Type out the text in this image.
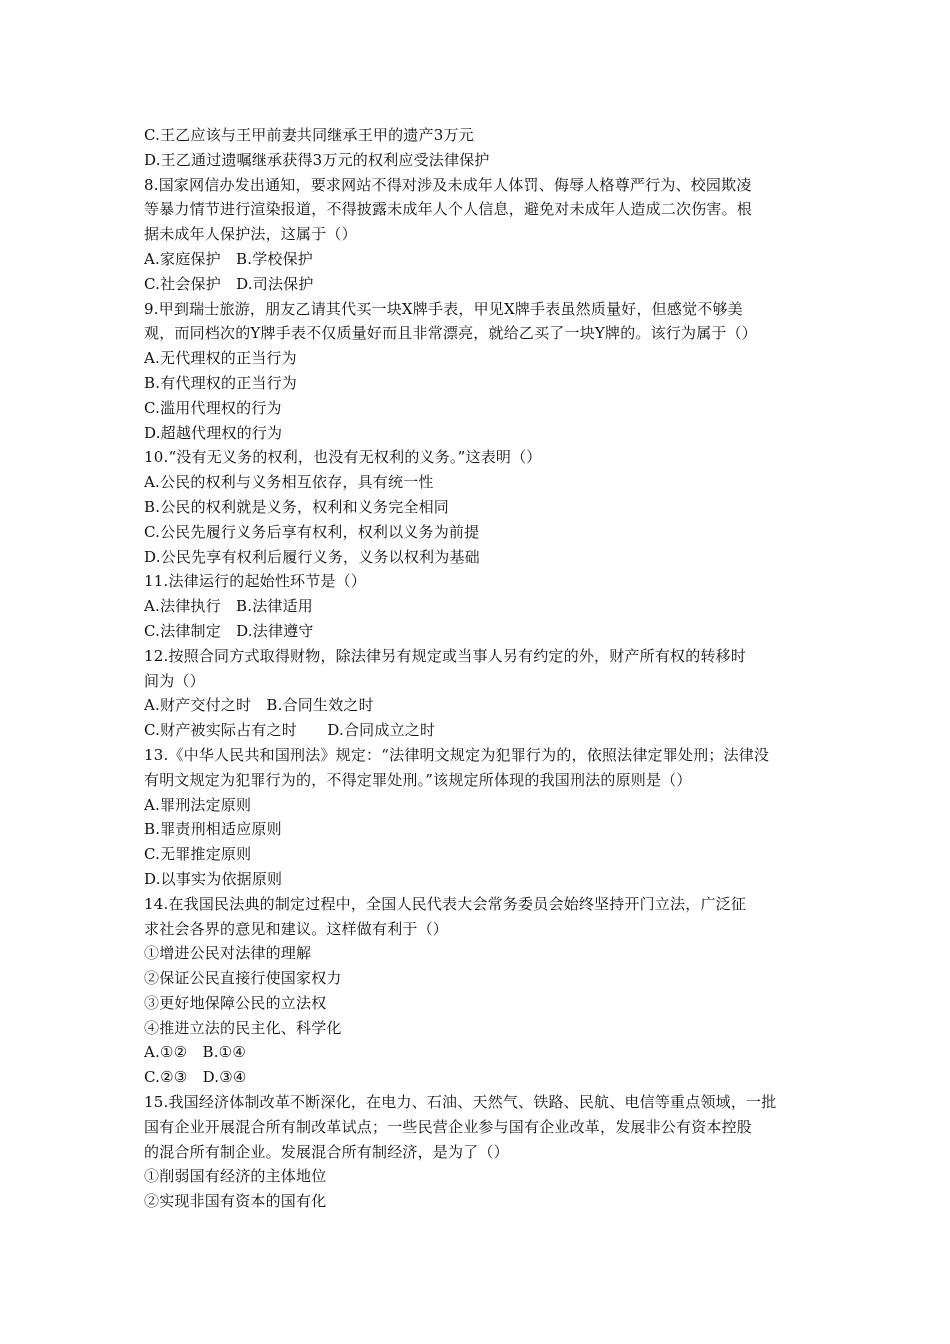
C.王乙应该与王甲前妻共同继承王甲的遗产3万元
D.王乙通过遗嘱继承获得3万元的权利应受法律保护
8.国家网信办发出通知，要求网站不得对涉及未成年人体罚、侮辱人格尊严行为、校园欺凌
等暴力情节进行渲染报道，不得披露未成年人个人信息，避免对未成年人造成二次伤害。根
据未成年人保护法，这属于（）
A.家庭保护　B.学校保护
C.社会保护　D.司法保护
9.甲到瑞士旅游，朋友乙请其代买一块X牌手表，甲见X牌手表虽然质量好，但感觉不够美
观，而同档次的Y牌手表不仅质量好而且非常漂亮，就给乙买了一块Y牌的。该行为属于（）
A.无代理权的正当行为
B.有代理权的正当行为
C.滥用代理权的行为
D.超越代理权的行为
10.“没有无义务的权利，也没有无权利的义务。”这表明（）
A.公民的权利与义务相互依存，具有统一性
B.公民的权利就是义务，权利和义务完全相同
C.公民先履行义务后享有权利，权利以义务为前提
D.公民先享有权利后履行义务，义务以权利为基础
11.法律运行的起始性环节是（）
A.法律执行　B.法律适用
C.法律制定　D.法律遵守
12.按照合同方式取得财物，除法律另有规定或当事人另有约定的外，财产所有权的转移时
间为（）
A.财产交付之时　B.合同生效之时
C.财产被实际占有之时　　D.合同成立之时
13.《中华人民共和国刑法》规定：“法律明文规定为犯罪行为的，依照法律定罪处刑；法律没
有明文规定为犯罪行为的，不得定罪处刑。”该规定所体现的我国刑法的原则是（）
A.罪刑法定原则
B.罪责刑相适应原则
C.无罪推定原则
D.以事实为依据原则
14.在我国民法典的制定过程中，全国人民代表大会常务委员会始终坚持开门立法，广泛征
求社会各界的意见和建议。这样做有利于（）
①增进公民对法律的理解
②保证公民直接行使国家权力
③更好地保障公民的立法权
④推进立法的民主化、科学化
A.①②　B.①④
C.②③　D.③④
15.我国经济体制改革不断深化，在电力、石油、天然气、铁路、民航、电信等重点领域，一批
国有企业开展混合所有制改革试点；一些民营企业参与国有企业改革，发展非公有资本控股
的混合所有制企业。发展混合所有制经济，是为了（）
①削弱国有经济的主体地位
②实现非国有资本的国有化
